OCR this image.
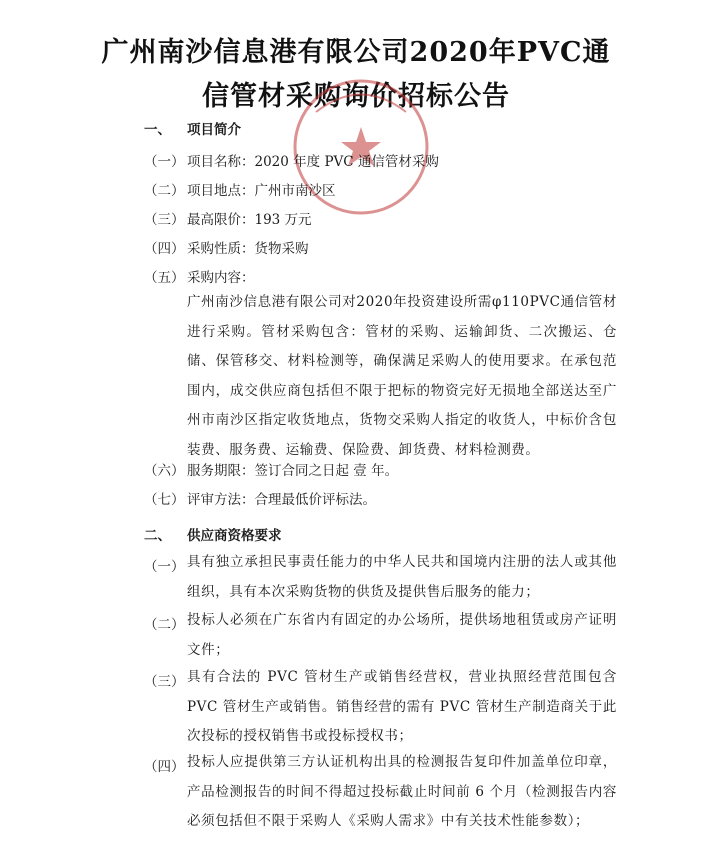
广州南沙信息港有限公司2020年PVC通
信管材采购询价招标公告
一、 项目简介
（一） 项目名称：2020 年度 PVC 通信管材采购
（二） 项目地点：广州市南沙区
（三） 最高限价：193 万元
（四） 采购性质：货物采购
（五） 采购内容：
广州南沙信息港有限公司对2020年投资建设所需φ110PVC通信管材进行采购。管材采购包含：管材的采购、运输卸货、二次搬运、仓储、保管移交、材料检测等，确保满足采购人的使用要求。在承包范围内，成交供应商包括但不限于把标的物资完好无损地全部送达至广州市南沙区指定收货地点，货物交采购人指定的收货人，中标价含包装费、服务费、运输费、保险费、卸货费、材料检测费。
（六） 服务期限：签订合同之日起 壹 年。
（七） 评审方法：合理最低价评标法。
二、 供应商资格要求
（一） 具有独立承担民事责任能力的中华人民共和国境内注册的法人或其他组织，具有本次采购货物的供货及提供售后服务的能力；
（二） 投标人必须在广东省内有固定的办公场所，提供场地租赁或房产证明文件；
（三） 具有合法的 PVC 管材生产或销售经营权，营业执照经营范围包含 PVC 管材生产或销售。销售经营的需有 PVC 管材生产制造商关于此次投标的授权销售书或投标授权书；
（四） 投标人应提供第三方认证机构出具的检测报告复印件加盖单位印章，产品检测报告的时间不得超过投标截止时间前 6 个月（检测报告内容必须包括但不限于采购人《采购人需求》中有关技术性能参数）；
